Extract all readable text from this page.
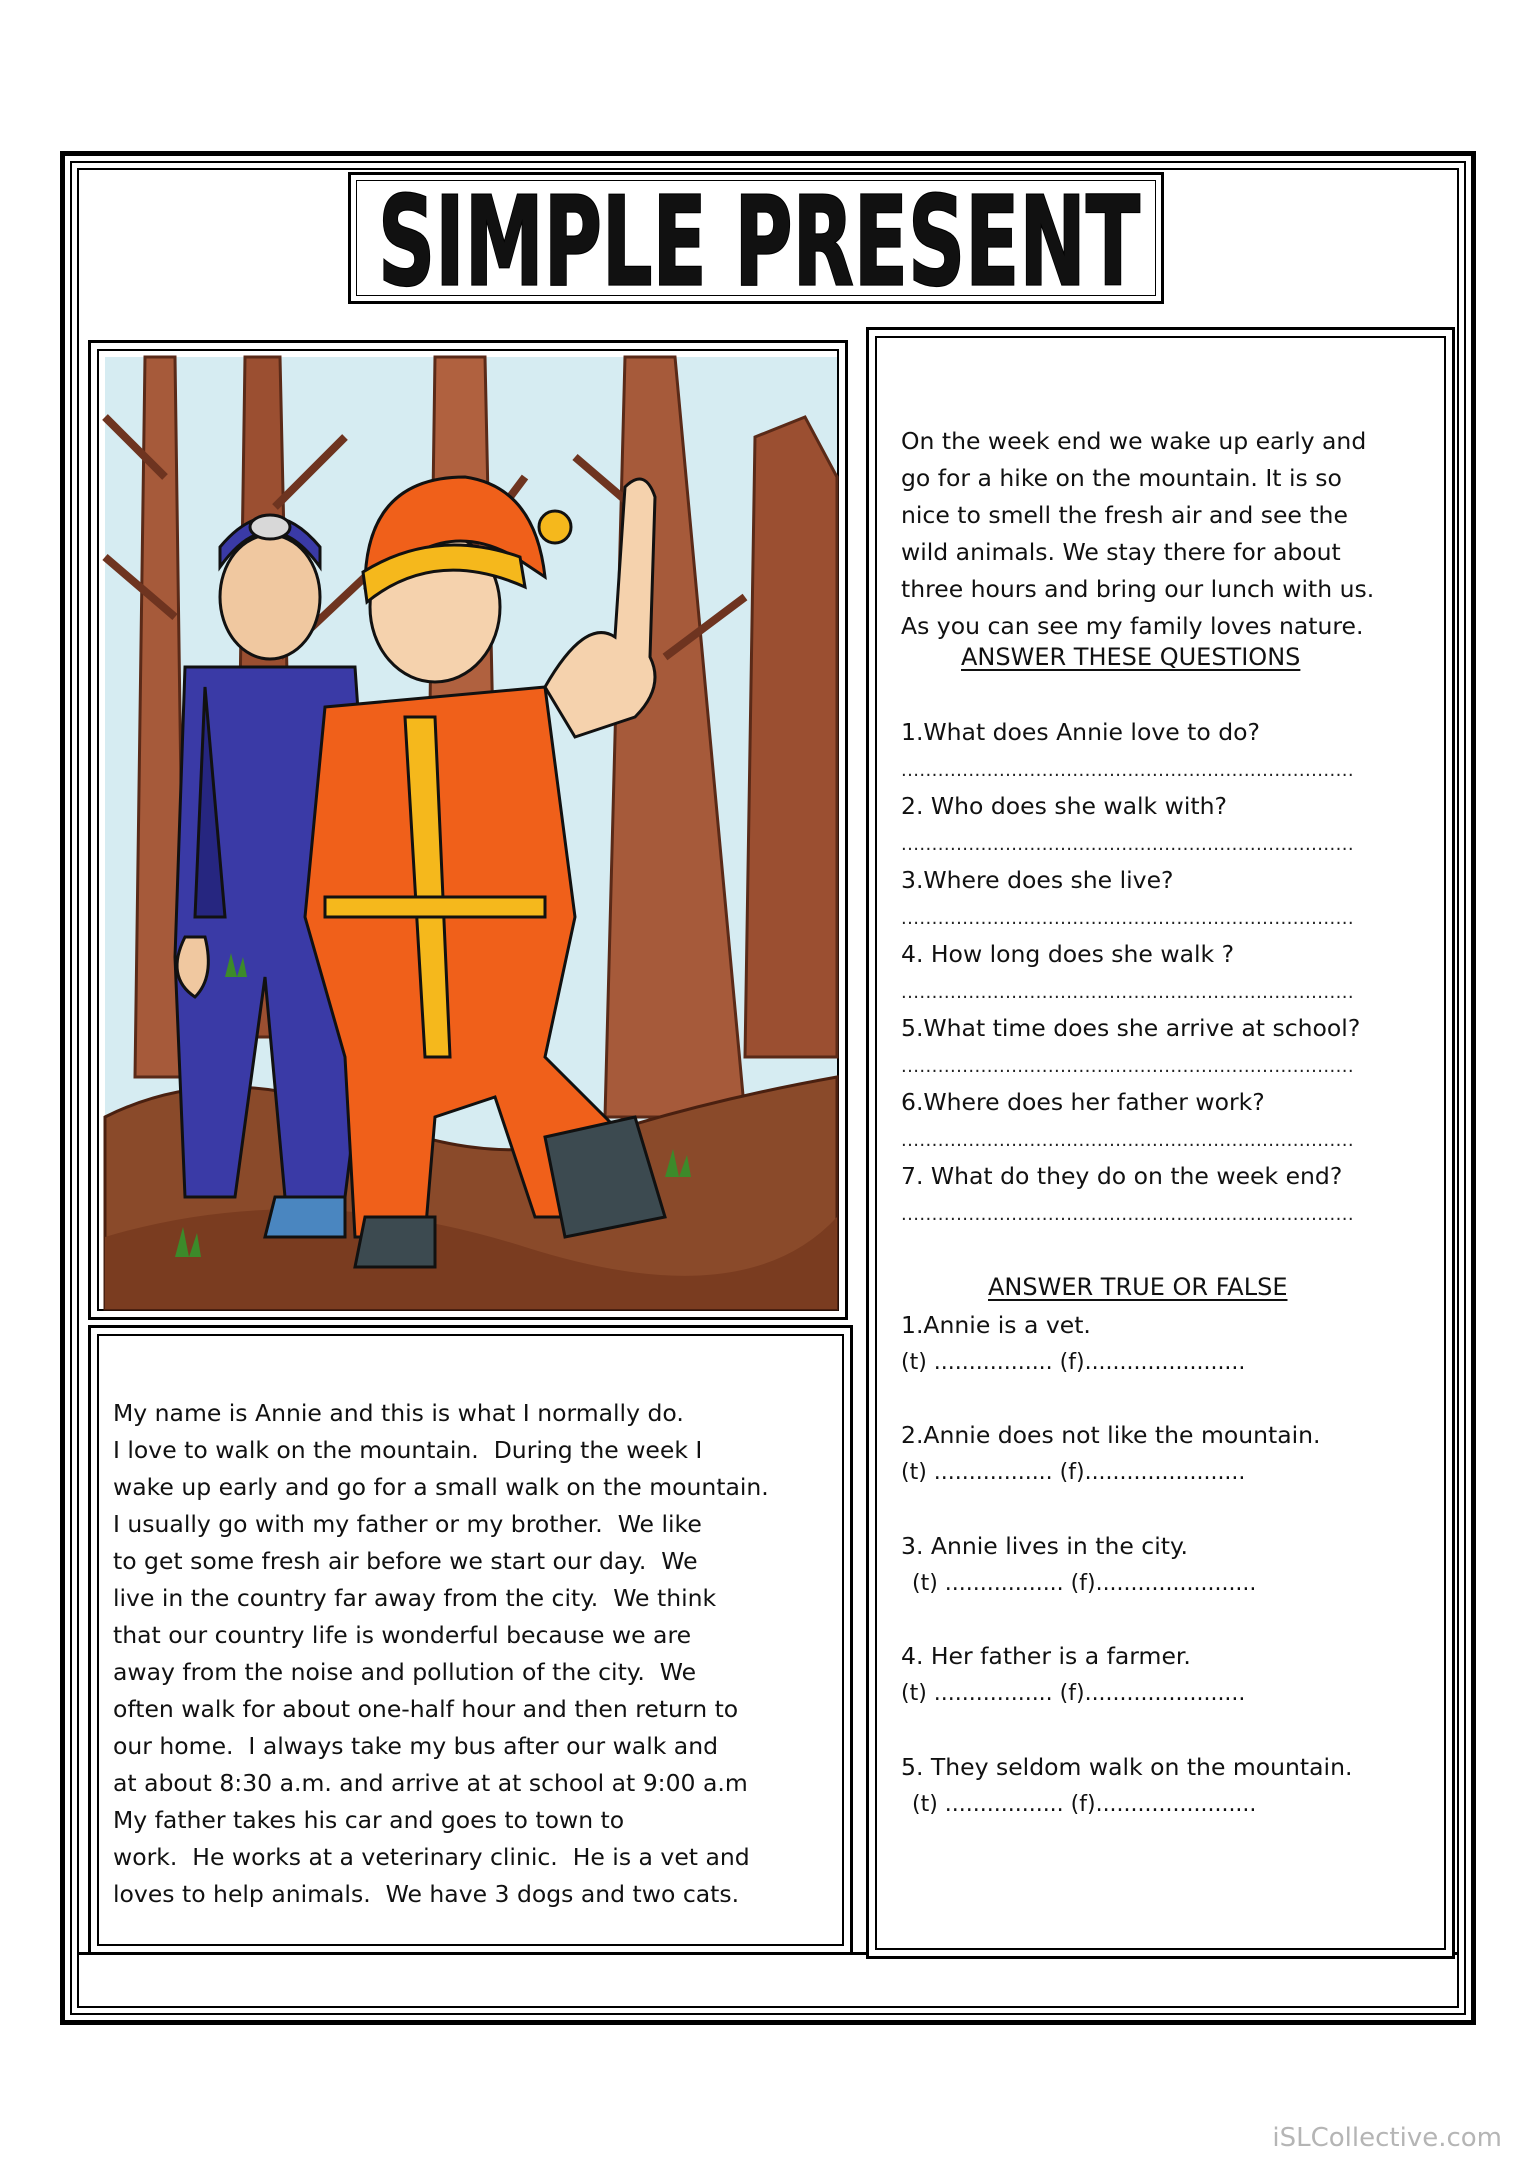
SIMPLE PRESENT

My name is Annie and this is what I normally do.
I love to walk on the mountain.  During the week I
wake up early and go for a small walk on the mountain.
I usually go with my father or my brother.  We like
to get some fresh air before we start our day.  We
live in the country far away from the city.  We think
that our country life is wonderful because we are
away from the noise and pollution of the city.  We
often walk for about one-half hour and then return to
our home.  I always take my bus after our walk and
at about 8:30 a.m. and arrive at at school at 9:00 a.m
My father takes his car and goes to town to
work.  He works at a veterinary clinic.  He is a vet and
loves to help animals.  We have 3 dogs and two cats.

On the week end we wake up early and
go for a hike on the mountain. It is so
nice to smell the fresh air and see the
wild animals. We stay there for about
three hours and bring our lunch with us.
As you can see my family loves nature.

ANSWER THESE QUESTIONS
1.What does Annie love to do?
..........................................................................
2. Who does she walk with?
..........................................................................
3.Where does she live?
..........................................................................
4. How long does she walk ?
..........................................................................
5.What time does she arrive at school?
..........................................................................
6.Where does her father work?
..........................................................................
7. What do they do on the week end?
..........................................................................
ANSWER TRUE OR FALSE
1.Annie is a vet.
(t) ................. (f).......................
2.Annie does not like the mountain.
(t) ................. (f).......................
3. Annie lives in the city.
(t) ................. (f).......................
4. Her father is a farmer.
(t) ................. (f).......................
5. They seldom walk on the mountain.
(t) ................. (f).......................
iSLCollective.com
